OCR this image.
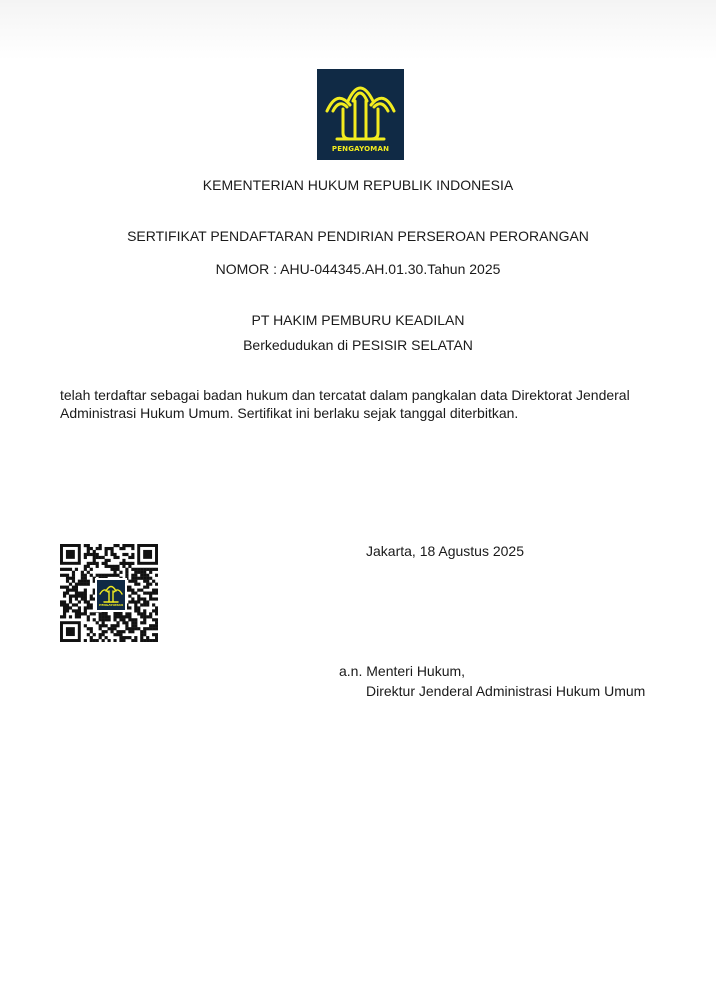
PENGAYOMAN
KEMENTERIAN HUKUM REPUBLIK INDONESIA
SERTIFIKAT PENDAFTARAN PENDIRIAN PERSEROAN PERORANGAN
NOMOR : AHU-044345.AH.01.30.Tahun 2025
PT HAKIM PEMBURU KEADILAN
Berkedudukan di PESISIR SELATAN
telah terdaftar sebagai badan hukum dan tercatat dalam pangkalan data Direktorat Jenderal Administrasi Hukum Umum. Sertifikat ini berlaku sejak tanggal diterbitkan.
PENGAYOMAN
Jakarta, 18 Agustus 2025
a.n. Menteri Hukum,
Direktur Jenderal Administrasi Hukum Umum
